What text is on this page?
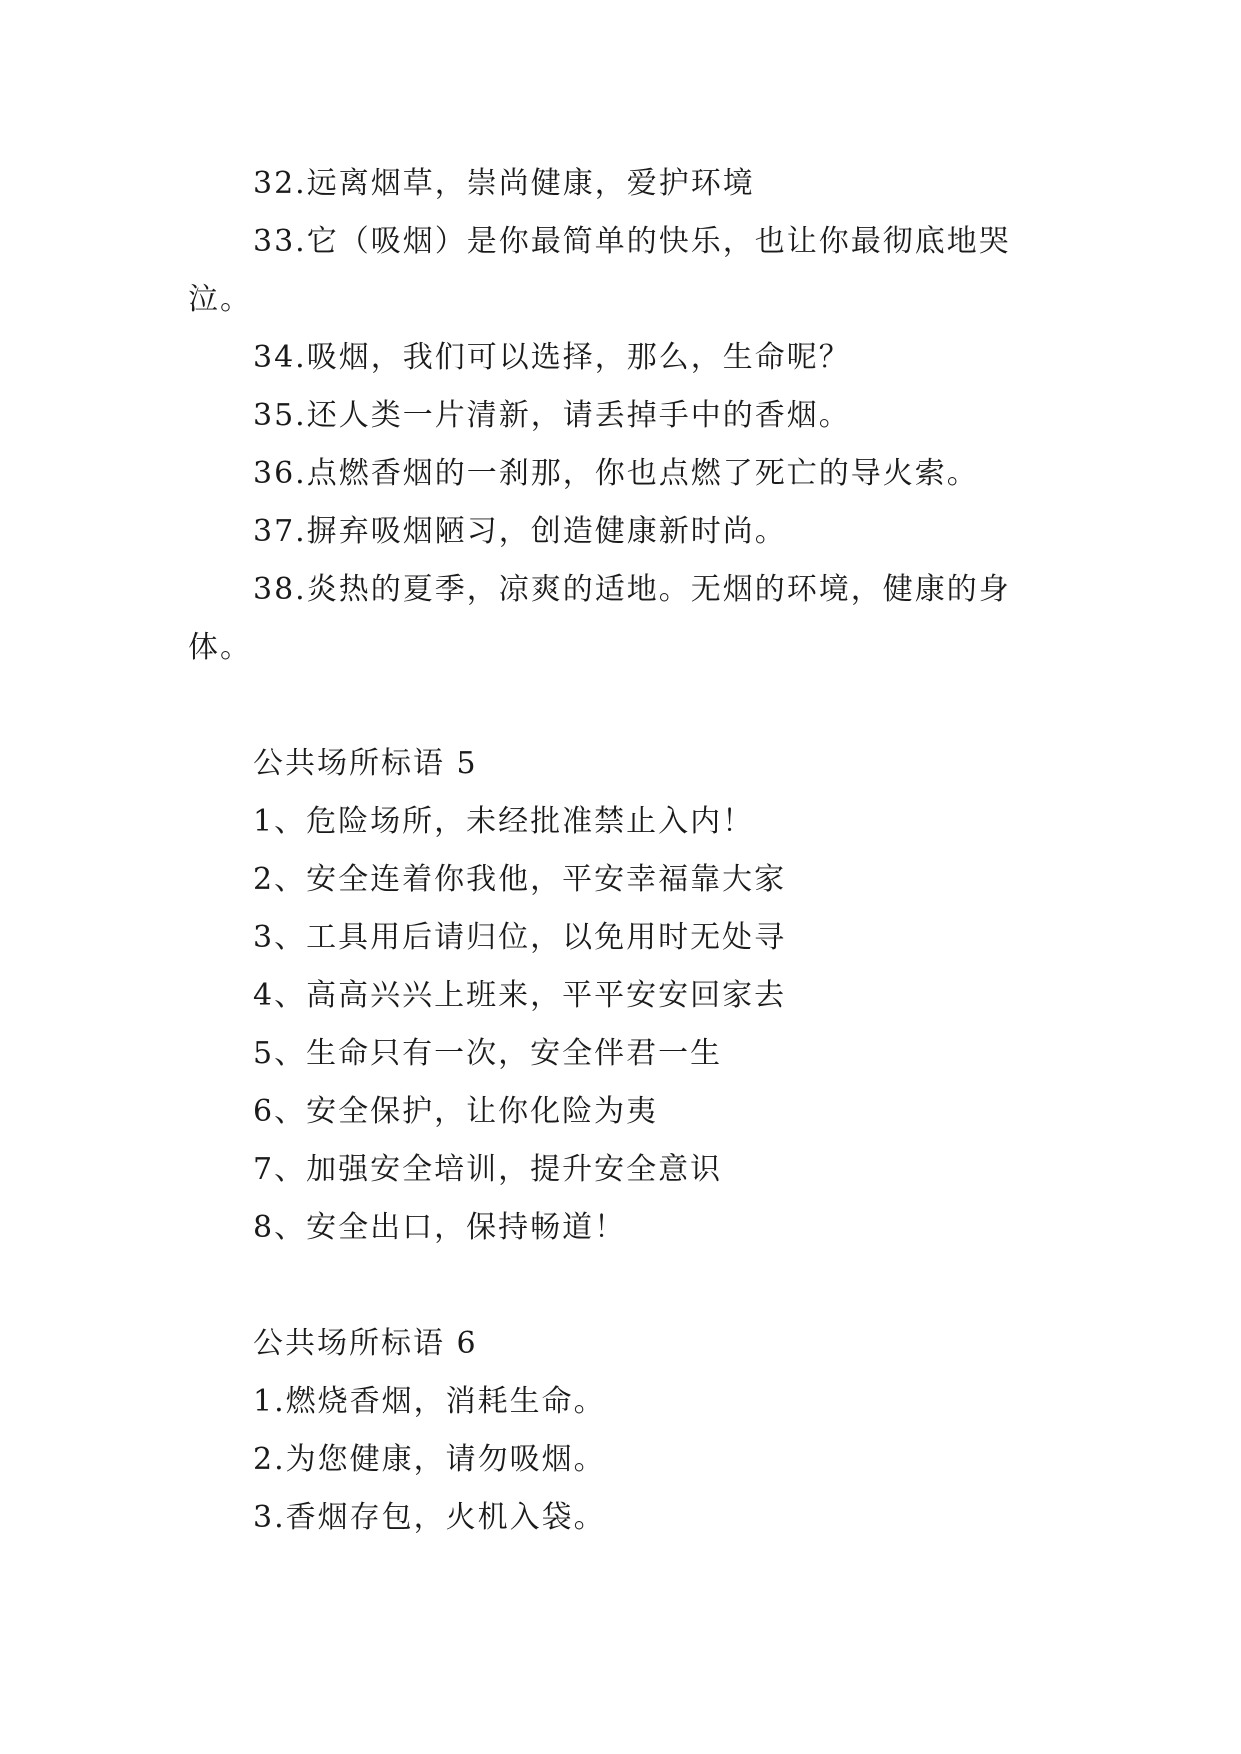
32.远离烟草，崇尚健康，爱护环境
33.它（吸烟）是你最简单的快乐，也让你最彻底地哭
泣。
34.吸烟，我们可以选择，那么，生命呢？
35.还人类一片清新，请丢掉手中的香烟。
36.点燃香烟的一刹那，你也点燃了死亡的导火索。
37.摒弃吸烟陋习，创造健康新时尚。
38.炎热的夏季，凉爽的适地。无烟的环境，健康的身
体。
公共场所标语 5
1、危险场所，未经批准禁止入内！
2、安全连着你我他，平安幸福靠大家
3、工具用后请归位，以免用时无处寻
4、高高兴兴上班来，平平安安回家去
5、生命只有一次，安全伴君一生
6、安全保护，让你化险为夷
7、加强安全培训，提升安全意识
8、安全出口，保持畅道！
公共场所标语 6
1.燃烧香烟，消耗生命。
2.为您健康，请勿吸烟。
3.香烟存包，火机入袋。
